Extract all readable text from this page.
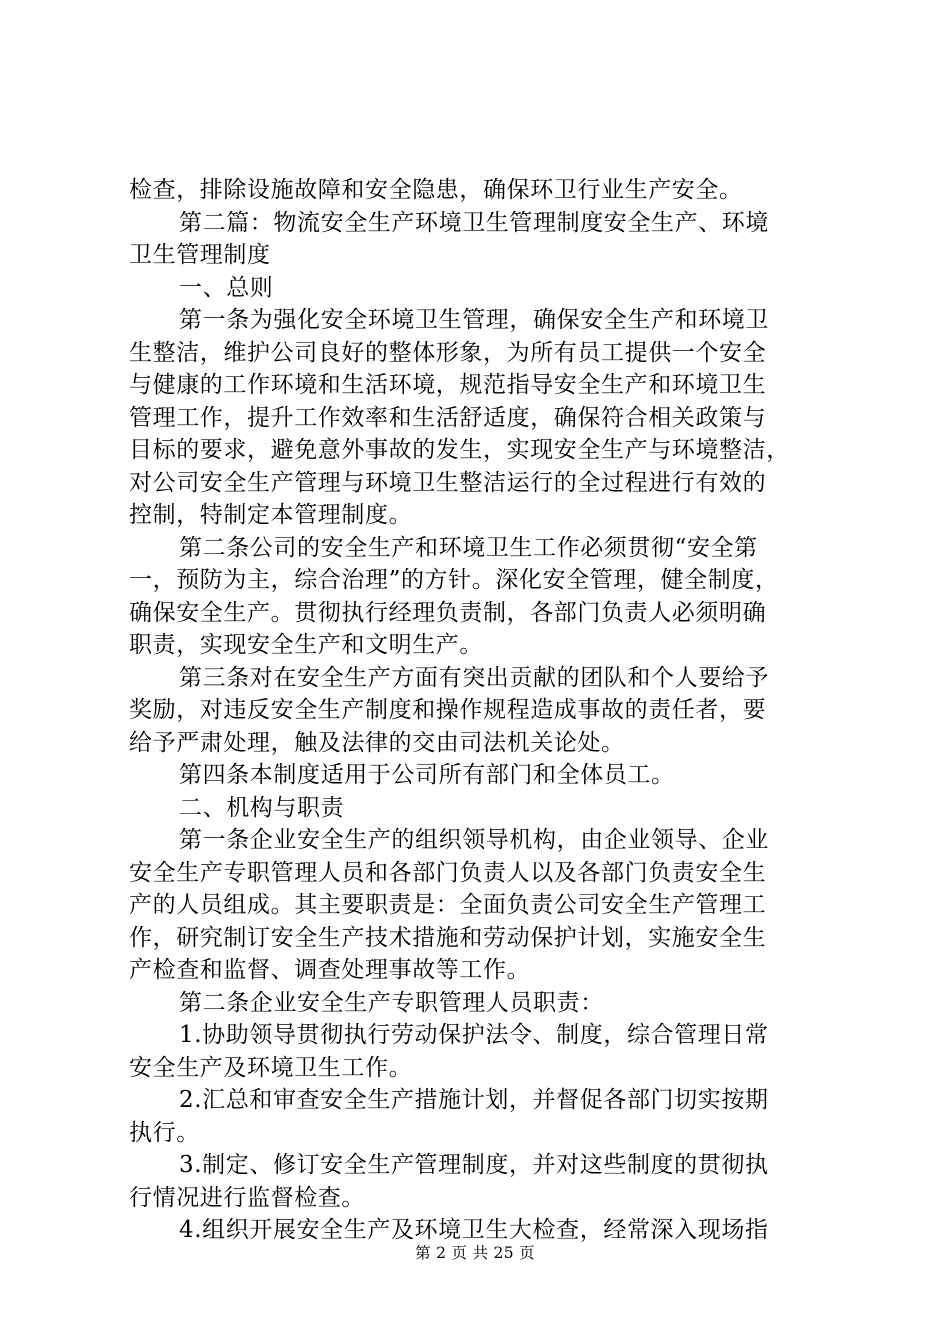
检查，排除设施故障和安全隐患，确保环卫行业生产安全。
第二篇：物流安全生产环境卫生管理制度安全生产、环境
卫生管理制度
一、总则
第一条为强化安全环境卫生管理，确保安全生产和环境卫
生整洁，维护公司良好的整体形象，为所有员工提供一个安全
与健康的工作环境和生活环境，规范指导安全生产和环境卫生
管理工作，提升工作效率和生活舒适度，确保符合相关政策与
目标的要求，避免意外事故的发生，实现安全生产与环境整洁，
对公司安全生产管理与环境卫生整洁运行的全过程进行有效的
控制，特制定本管理制度。
第二条公司的安全生产和环境卫生工作必须贯彻“安全第
一，预防为主，综合治理”的方针。深化安全管理，健全制度，
确保安全生产。贯彻执行经理负责制，各部门负责人必须明确
职责，实现安全生产和文明生产。
第三条对在安全生产方面有突出贡献的团队和个人要给予
奖励，对违反安全生产制度和操作规程造成事故的责任者，要
给予严肃处理，触及法律的交由司法机关论处。
第四条本制度适用于公司所有部门和全体员工。
二、机构与职责
第一条企业安全生产的组织领导机构，由企业领导、企业
安全生产专职管理人员和各部门负责人以及各部门负责安全生
产的人员组成。其主要职责是：全面负责公司安全生产管理工
作，研究制订安全生产技术措施和劳动保护计划，实施安全生
产检查和监督、调查处理事故等工作。
第二条企业安全生产专职管理人员职责：
1.协助领导贯彻执行劳动保护法令、制度，综合管理日常
安全生产及环境卫生工作。
2.汇总和审查安全生产措施计划，并督促各部门切实按期
执行。
3.制定、修订安全生产管理制度，并对这些制度的贯彻执
行情况进行监督检查。
4.组织开展安全生产及环境卫生大检查，经常深入现场指
第 2 页 共 25 页
